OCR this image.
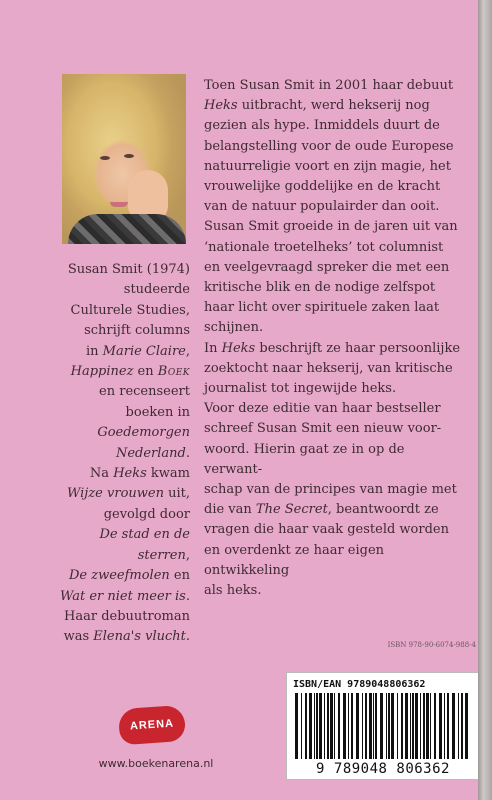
Susan Smit (1974)

studeerde

Culturele Studies,

schrijft columns

in Marie Claire,

Happinez en Boek

en recenseert

boeken in

Goedemorgen

Nederland.

Na Heks kwam

Wijze vrouwen uit,

gevolgd door

De stad en de sterren,

De zweefmolen en

Wat er niet meer is.

Haar debuutroman

was Elena's vlucht.

Toen Susan Smit in 2001 haar debuut

Heks uitbracht, werd hekserij nog

gezien als hype. Inmiddels duurt de

belangstelling voor de oude Europese

natuurreligie voort en zijn magie, het

vrouwelijke goddelijke en de kracht

van de natuur populairder dan ooit.

Susan Smit groeide in de jaren uit van

‘nationale troetelheks’ tot columnist

en veelgevraagd spreker die met een

kritische blik en de nodige zelfspot

haar licht over spirituele zaken laat

schijnen.

In Heks beschrijft ze haar persoonlijke

zoektocht naar hekserij, van kritische

journalist tot ingewijde heks.

Voor deze editie van haar bestseller

schreef Susan Smit een nieuw voor-

woord. Hierin gaat ze in op de verwant-

schap van de principes van magie met

die van The Secret, beantwoordt ze

vragen die haar vaak gesteld worden

en overdenkt ze haar eigen ontwikkeling

als heks.

ISBN 978-90-6074-988-4
ISBN/EAN 9789048806362
9 789048 806362
ARENA
www.boekenarena.nl
